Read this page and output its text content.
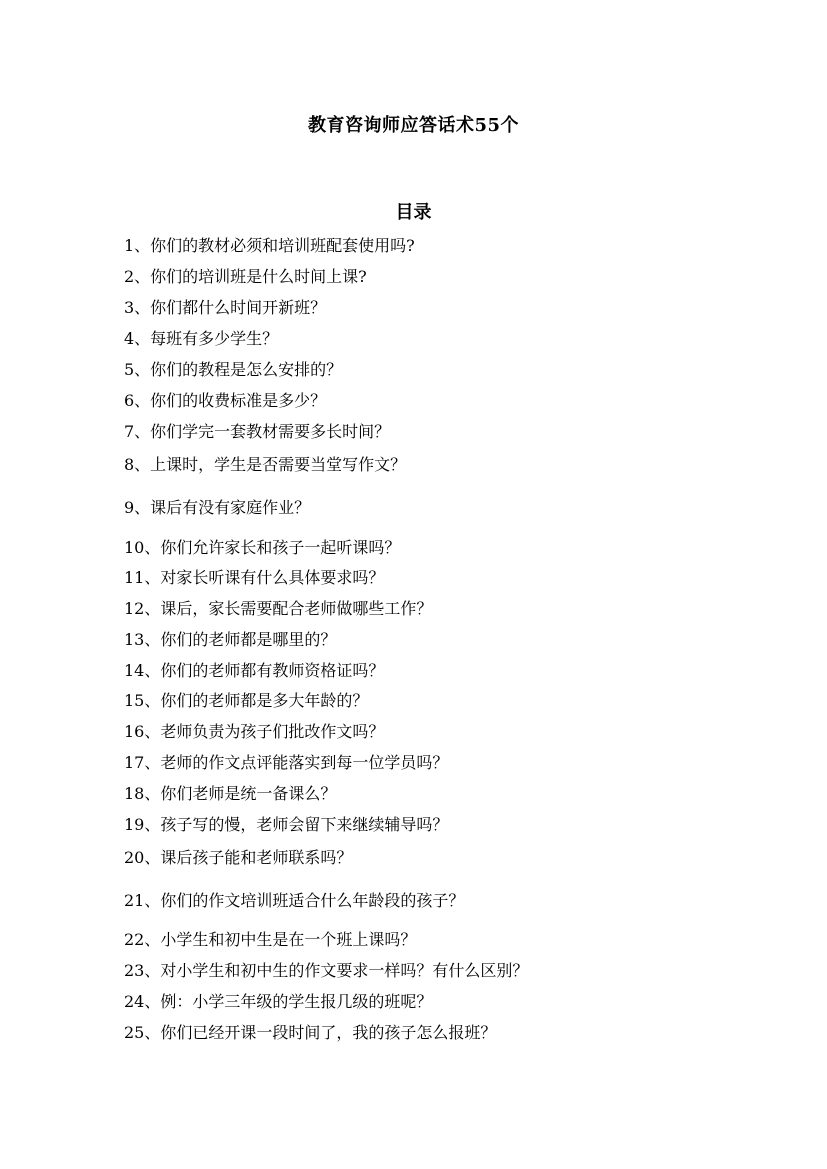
教育咨询师应答话术55个
目录
1、你们的教材必须和培训班配套使用吗?
2、你们的培训班是什么时间上课?
3、你们都什么时间开新班？
4、每班有多少学生？
5、你们的教程是怎么安排的？
6、你们的收费标准是多少？
7、你们学完一套教材需要多长时间？
8、上课时，学生是否需要当堂写作文？
9、课后有没有家庭作业？
10、你们允许家长和孩子一起听课吗？
11、对家长听课有什么具体要求吗？
12、课后，家长需要配合老师做哪些工作？
13、你们的老师都是哪里的？
14、你们的老师都有教师资格证吗？
15、你们的老师都是多大年龄的？
16、老师负责为孩子们批改作文吗？
17、老师的作文点评能落实到每一位学员吗？
18、你们老师是统一备课么？
19、孩子写的慢，老师会留下来继续辅导吗？
20、课后孩子能和老师联系吗？
21、你们的作文培训班适合什么年龄段的孩子？
22、小学生和初中生是在一个班上课吗？
23、对小学生和初中生的作文要求一样吗？有什么区别？
24、例：小学三年级的学生报几级的班呢？
25、你们已经开课一段时间了，我的孩子怎么报班？
